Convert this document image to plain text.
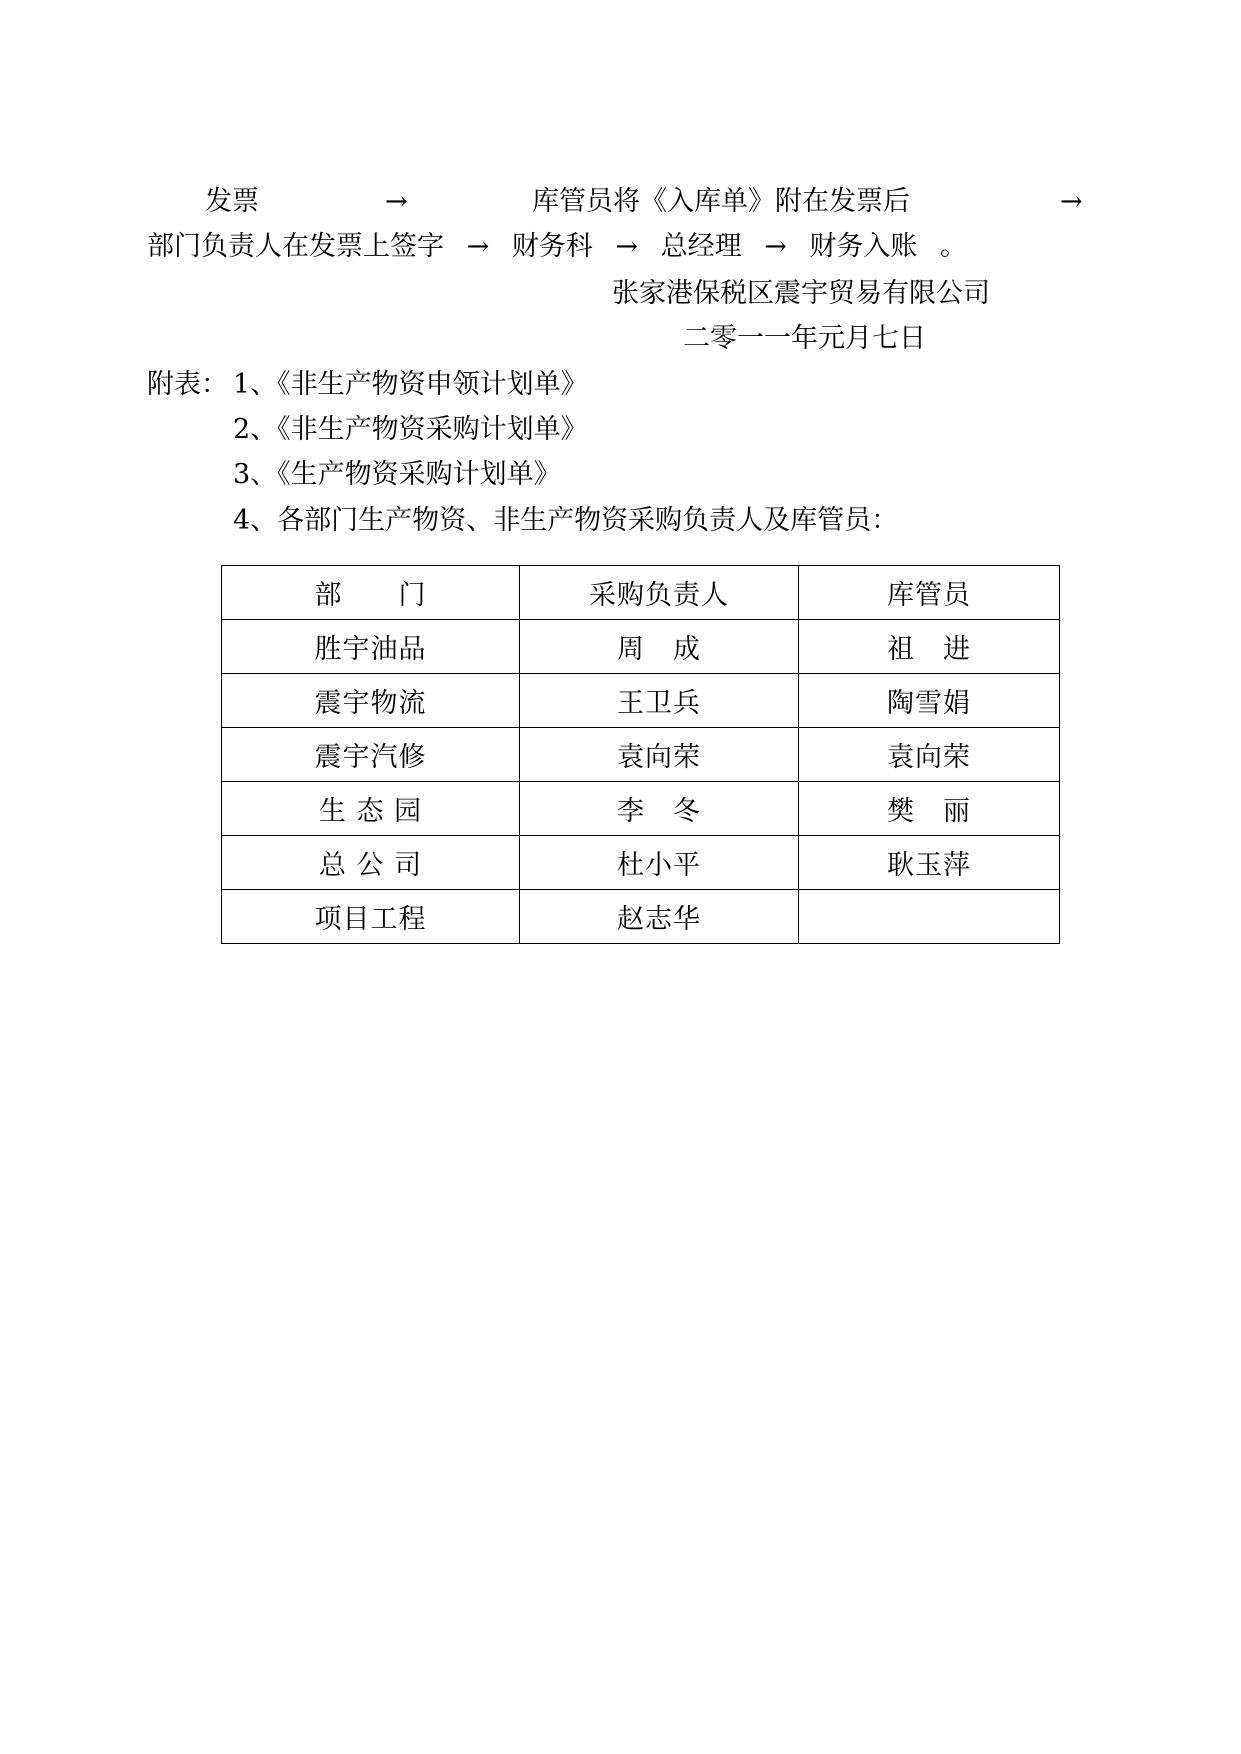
发票	→	库管员将《入库单》附在发票后	→
部门负责人在发票上签字 → 财务科 → 总经理 → 财务入账 。
张家港保税区震宇贸易有限公司
二零一一年元月七日
附表： 1、《非生产物资申领计划单》
2、《非生产物资采购计划单》
3、《生产物资采购计划单》
4、各部门生产物资、非生产物资采购负责人及库管员：
部　　门	采购负责人	库管员
胜宇油品	周　成	祖　进
震宇物流	王卫兵	陶雪娟
震宇汽修	袁向荣	袁向荣
生 态 园	李　冬	樊　丽
总 公 司	杜小平	耿玉萍
项目工程	赵志华	
